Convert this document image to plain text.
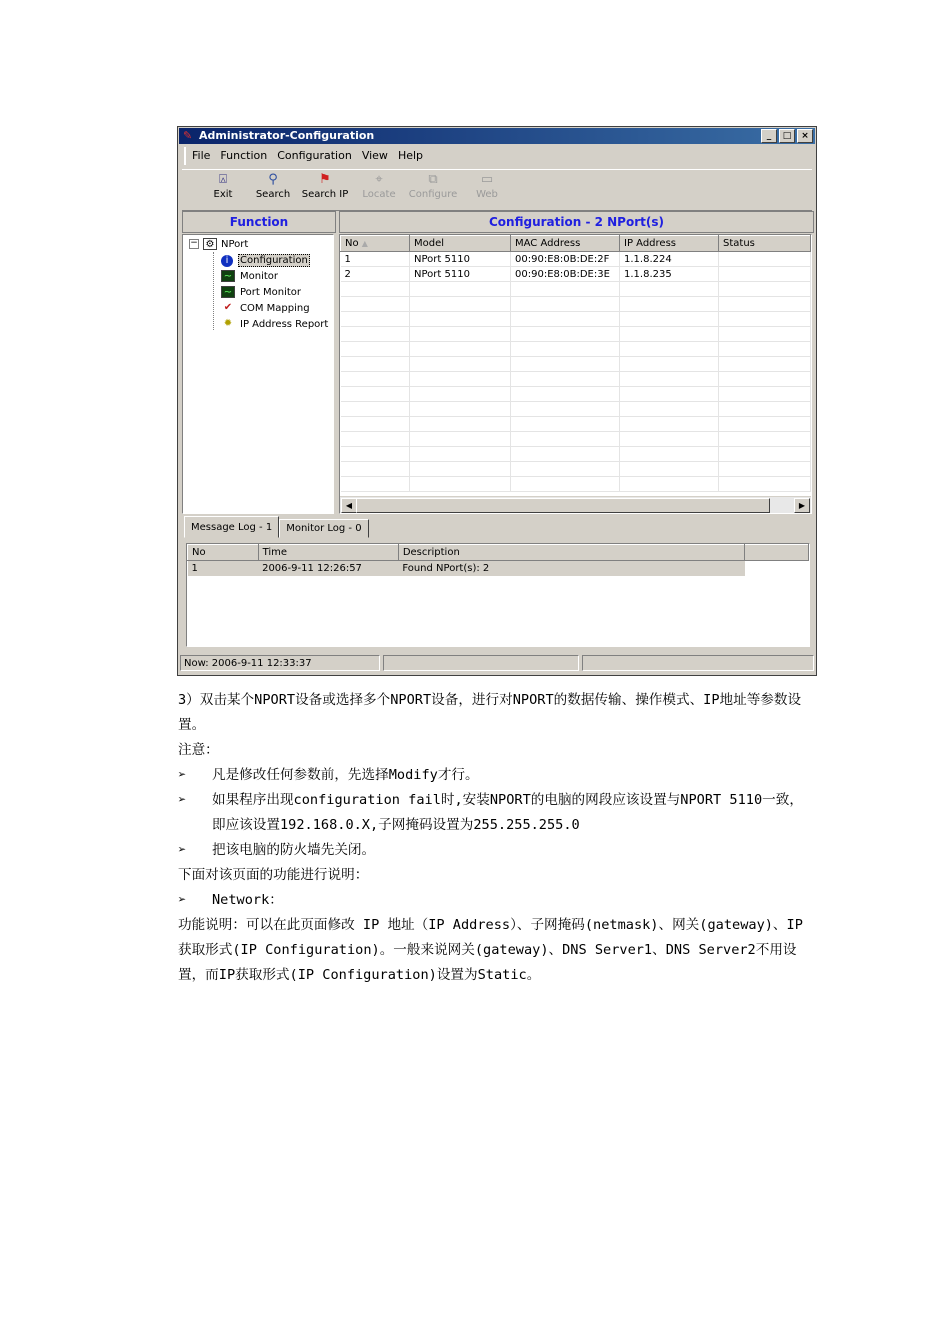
✎ Administrator-Configuration	_	□	×
File Function Configuration View Help
⍓
Exit
⚲
Search
⚑
Search IP
⌖
Locate
⧉
Configure
▭
Web
Function	Configuration - 2 NPort(s)
− ⚙ NPort
i	Configuration
~ Monitor
~ Port Monitor
✔ COM Mapping
✹ IP Address Report
No ▲	Model	MAC Address	IP Address	Status
1	NPort 5110	00:90:E8:0B:DE:2F	1.1.8.224	
2	NPort 5110	00:90:E8:0B:DE:3E	1.1.8.235	

◀	▶
Message Log - 1	Monitor Log - 0
No	Time	Description	
1	2006-9-11 12:26:57	Found NPort(s): 2	
Now: 2006-9-11 12:33:37

3）双击某个NPORT设备或选择多个NPORT设备，进行对NPORT的数据传输、操作模式、IP地址等参数设置。

注意：

➢ 凡是修改任何参数前，先选择Modify才行。

➢ 如果程序出现configuration fail时,安装NPORT的电脑的网段应该设置与NPORT 5110一致，即应该设置192.168.0.X,子网掩码设置为255.255.255.0

➢ 把该电脑的防火墙先关闭。

下面对该页面的功能进行说明：

➢ Network：

功能说明：可以在此页面修改 IP 地址（IP Address）、子网掩码(netmask)、网关(gateway)、IP获取形式(IP Configuration)。一般来说网关(gateway)、DNS Server1、DNS Server2不用设置，而IP获取形式(IP Configuration)设置为Static。
